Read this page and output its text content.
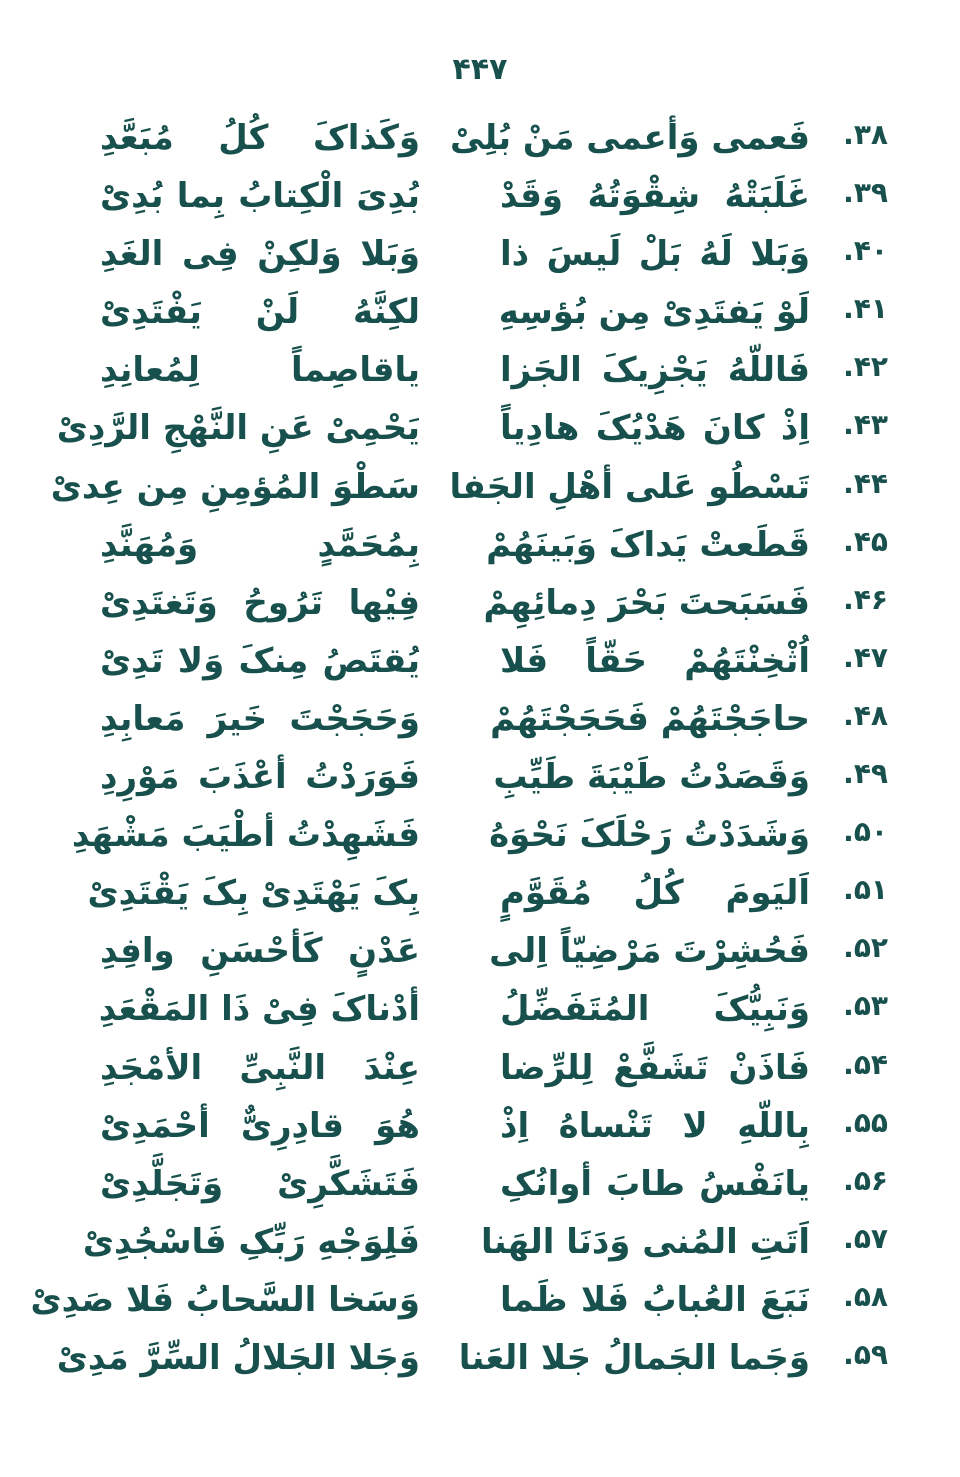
۴۴۷
۳۸.
فَعمی وَأعمی مَنْ بُلِیْ
وَکَذاکَ کُلُ مُبَعَّدِ
۳۹.
غَلَبَتْهُ شِقْوَتُهُ وَقَدْ
بُدِیَ الْکِتابُ بِما بُدِیْ
۴۰.
وَبَلا لَهُ بَلْ لَیسَ ذا
وَبَلا وَلکِنْ فِی الغَدِ
۴۱.
لَوْ یَفتَدِیْ مِن بُؤسِهِ
لکِنَّهُ لَنْ یَفْتَدِیْ
۴۲.
فَاللّهُ یَجْزِیکَ الجَزا
یاقاصِماً لِمُعانِدِ
۴۳.
اِذْ کانَ هَدْیُکَ هادِیاً
یَحْمِیْ عَنِ النَّهْجِ الرَّدِیْ
۴۴.
تَسْطُو عَلی أهْلِ الجَفا
سَطْوَ المُؤمِنِ مِن عِدیْ
۴۵.
قَطَعتْ یَداکَ وَبَینَهُمْ
بِمُحَمَّدٍ وَمُهَنَّدِ
۴۶.
فَسَبَحتَ بَحْرَ دِمائِهِمْ
فِیْها تَرُوحُ وَتَغتَدِیْ
۴۷.
اُثْخِنْتَهُمْ حَقّاً فَلا
یُقتَصُ مِنکَ وَلا تَدِیْ
۴۸.
حاجَجْتَهُمْ فَحَجَجْتَهُمْ
وَحَجَجْتَ خَیرَ مَعابِدِ
۴۹.
وَقَصَدْتُ طَیْبَةَ طَیِّبِ
فَوَرَدْتُ أعْذَبَ مَوْرِدِ
۵۰.
وَشَدَدْتُ رَحْلَکَ نَحْوَهُ
فَشَهِدْتُ أطْیَبَ مَشْهَدِ
۵۱.
اَلیَومَ کُلُ مُقَوَّمٍ
بِکَ یَهْتَدِیْ بِکَ یَقْتَدِیْ
۵۲.
فَحُشِرْتَ مَرْضِیّاً اِلی
عَدْنٍ کَأحْسَنِ وافِدِ
۵۳.
وَنَبِیُّکَ المُتَفَضِّلُ
أدْناکَ فِیْ ذَا المَقْعَدِ
۵۴.
فَاذَنْ تَشَفَّعْ لِلرِّضا
عِنْدَ النَّبِیِّ الأمْجَدِ
۵۵.
بِاللّهِ لا تَنْساهُ اِذْ
هُوَ قادِرِیٌّ أحْمَدِیْ
۵۶.
یانَفْسُ طابَ أوانُکِ
فَتَشَکَّرِیْ وَتَجَلَّدِیْ
۵۷.
اَتَتِ المُنی وَدَنَا الهَنا
فَلِوَجْهِ رَبِّکِ فَاسْجُدِیْ
۵۸.
نَبَعَ العُبابُ فَلا ظَما
وَسَخا السَّحابُ فَلا صَدِیْ
۵۹.
وَجَما الجَمالُ جَلا العَنا
وَجَلا الجَلالُ السِّرَّ مَدِیْ
